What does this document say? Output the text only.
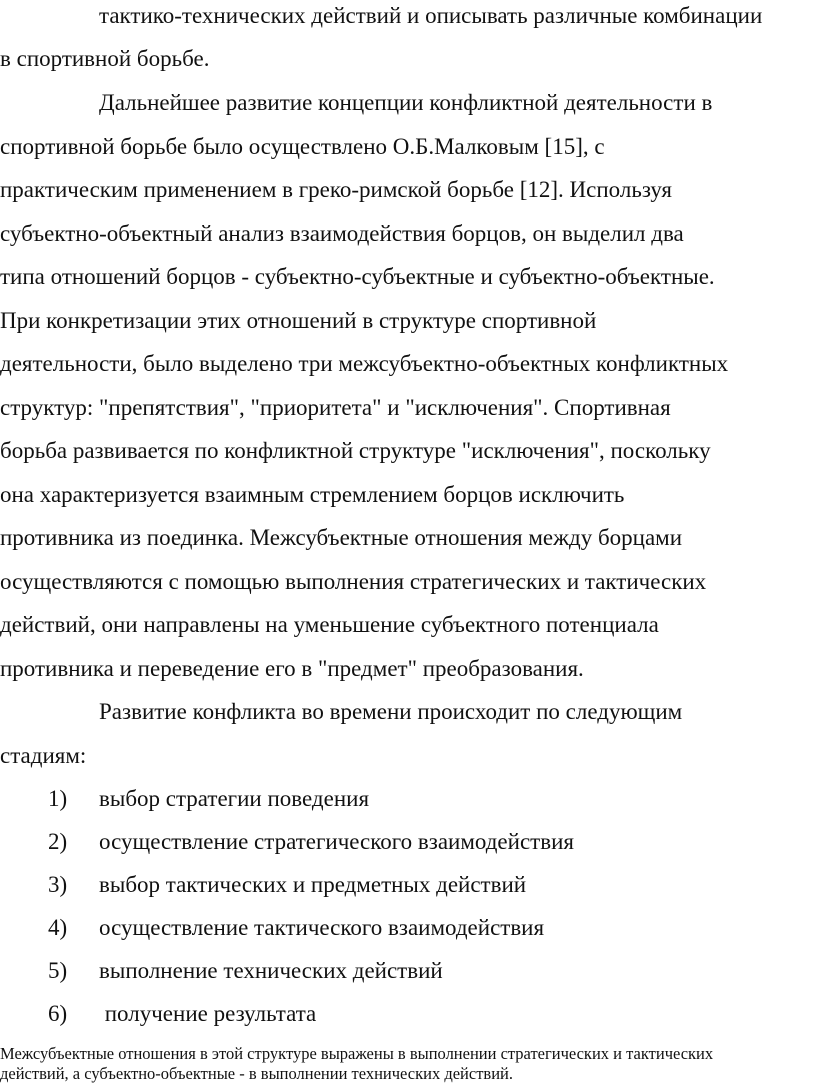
тактико-технических действий и описывать различные комбинации
в спортивной борьбе.
Дальнейшее развитие концепции конфликтной деятельности в
спортивной борьбе было осуществлено О.Б.Малковым [15], с
практическим применением в греко-римской борьбе [12]. Используя
субъектно-объектный анализ взаимодействия борцов, он выделил два
типа отношений борцов - субъектно-субъектные и субъектно-объектные.
При конкретизации этих отношений в структуре спортивной
деятельности, было выделено три межсубъектно-объектных конфликтных
структур: "препятствия", "приоритета" и "исключения". Спортивная
борьба развивается по конфликтной структуре "исключения", поскольку
она характеризуется взаимным стремлением борцов исключить
противника из поединка. Межсубъектные отношения между борцами
осуществляются с помощью выполнения стратегических и тактических
действий, они направлены на уменьшение субъектного потенциала
противника и переведение его в "предмет" преобразования.
Развитие конфликта во времени происходит по следующим
стадиям:
1) выбор стратегии поведения
2) осуществление стратегического взаимодействия
3) выбор тактических и предметных действий
4) осуществление тактического взаимодействия
5) выполнение технических действий
6) получение результата
Межсубъектные отношения в этой структуре выражены в выполнении стратегических и тактических
действий, а субъектно-объектные - в выполнении технических действий.
